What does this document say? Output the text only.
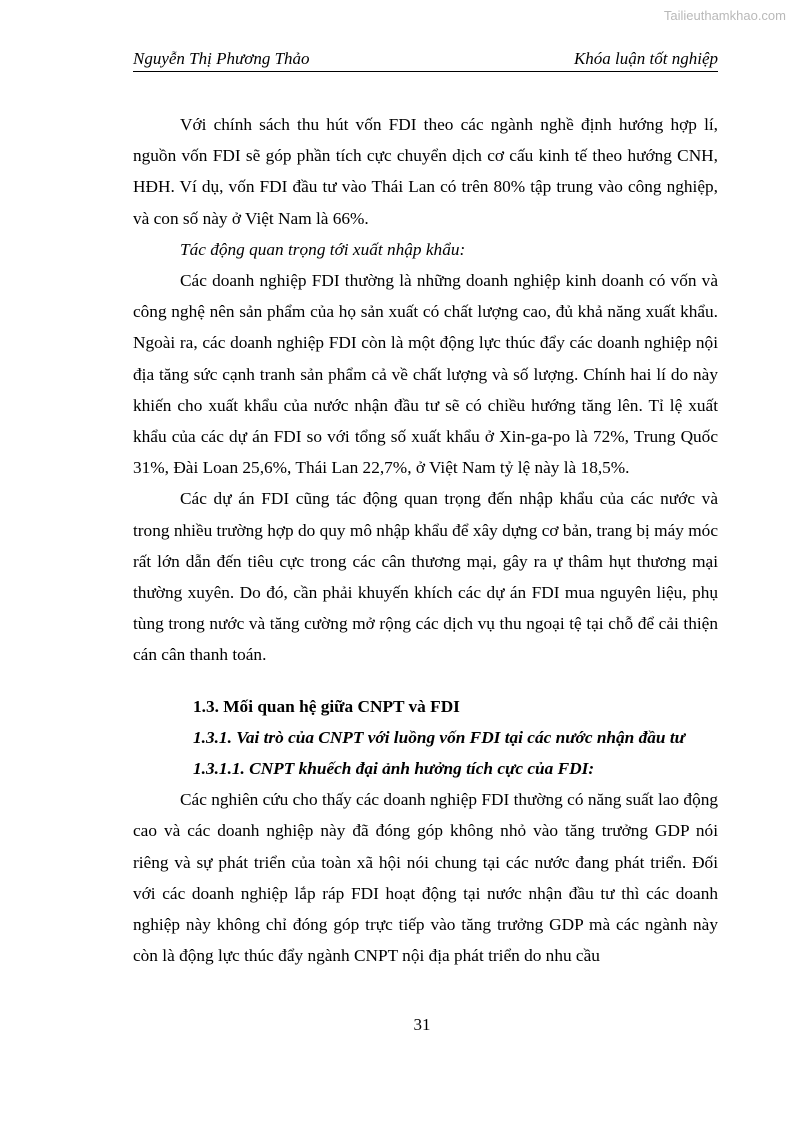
Tailieuthamkhao.com
Nguyễn Thị Phương Thảo	Khóa luận tốt nghiệp

Với chính sách thu hút vốn FDI theo các ngành nghề định hướng hợp lí, nguồn vốn FDI sẽ góp phần tích cực chuyển dịch cơ cấu kinh tế theo hướng CNH, HĐH. Ví dụ, vốn FDI đầu tư vào Thái Lan có trên 80% tập trung vào công nghiệp, và con số này ở Việt Nam là 66%.

Tác động quan trọng tới xuất nhập khẩu:

Các doanh nghiệp FDI thường là những doanh nghiệp kinh doanh có vốn và công nghệ nên sản phẩm của họ sản xuất có chất lượng cao, đủ khả năng xuất khẩu. Ngoài ra, các doanh nghiệp FDI còn là một động lực thúc đẩy các doanh nghiệp nội địa tăng sức cạnh tranh sản phẩm cả về chất lượng và số lượng. Chính hai lí do này khiến cho xuất khẩu của nước nhận đầu tư sẽ có chiều hướng tăng lên. Tỉ lệ xuất khẩu của các dự án FDI so với tổng số xuất khẩu ở Xin-ga-po là 72%, Trung Quốc 31%, Đài Loan 25,6%, Thái Lan 22,7%, ở Việt Nam tỷ lệ này là 18,5%.

Các dự án FDI cũng tác động quan trọng đến nhập khẩu của các nước và trong nhiều trường hợp do quy mô nhập khẩu để xây dựng cơ bản, trang bị máy móc rất lớn dẫn đến tiêu cực trong các cân thương mại, gây ra ự thâm hụt thương mại thường xuyên. Do đó, cần phải khuyến khích các dự án FDI mua nguyên liệu, phụ tùng trong nước và tăng cường mở rộng các dịch vụ thu ngoại tệ tại chỗ để cải thiện cán cân thanh toán.

1.3. Mối quan hệ giữa CNPT và FDI
1.3.1. Vai trò của CNPT với luồng vốn FDI tại các nước nhận đầu tư
1.3.1.1. CNPT khuếch đại ảnh hưởng tích cực của FDI:

Các nghiên cứu cho thấy các doanh nghiệp FDI thường có năng suất lao động cao và các doanh nghiệp này đã đóng góp không nhỏ vào tăng trưởng GDP nói riêng và sự phát triển của toàn xã hội nói chung tại các nước đang phát triển. Đối với các doanh nghiệp lắp ráp FDI hoạt động tại nước nhận đầu tư thì các doanh nghiệp này không chỉ đóng góp trực tiếp vào tăng trưởng GDP mà các ngành này còn là động lực thúc đẩy ngành CNPT nội địa phát triển do nhu cầu

31
